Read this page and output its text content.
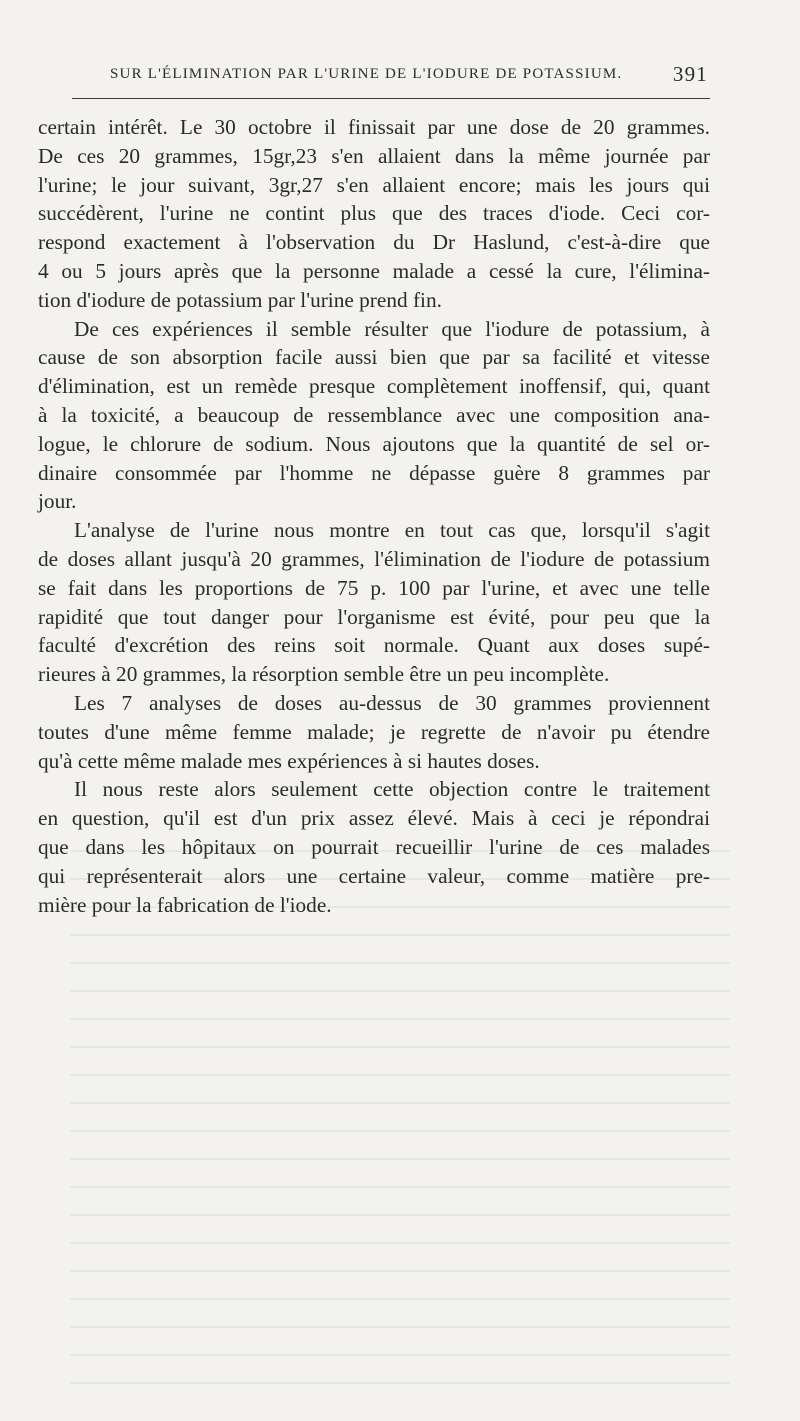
SUR L'ÉLIMINATION PAR L'URINE DE L'IODURE DE POTASSIUM. 391
certain intérêt. Le 30 octobre il finissait par une dose de 20 grammes.
De ces 20 grammes, 15gr,23 s'en allaient dans la même journée par
l'urine; le jour suivant, 3gr,27 s'en allaient encore; mais les jours qui
succédèrent, l'urine ne contint plus que des traces d'iode. Ceci cor-
respond exactement à l'observation du Dr Haslund, c'est-à-dire que
4 ou 5 jours après que la personne malade a cessé la cure, l'élimina-
tion d'iodure de potassium par l'urine prend fin.
De ces expériences il semble résulter que l'iodure de potassium, à
cause de son absorption facile aussi bien que par sa facilité et vitesse
d'élimination, est un remède presque complètement inoffensif, qui, quant
à la toxicité, a beaucoup de ressemblance avec une composition ana-
logue, le chlorure de sodium. Nous ajoutons que la quantité de sel or-
dinaire consommée par l'homme ne dépasse guère 8 grammes par
jour.
L'analyse de l'urine nous montre en tout cas que, lorsqu'il s'agit
de doses allant jusqu'à 20 grammes, l'élimination de l'iodure de potassium
se fait dans les proportions de 75 p. 100 par l'urine, et avec une telle
rapidité que tout danger pour l'organisme est évité, pour peu que la
faculté d'excrétion des reins soit normale. Quant aux doses supé-
rieures à 20 grammes, la résorption semble être un peu incomplète.
Les 7 analyses de doses au-dessus de 30 grammes proviennent
toutes d'une même femme malade; je regrette de n'avoir pu étendre
qu'à cette même malade mes expériences à si hautes doses.
Il nous reste alors seulement cette objection contre le traitement
en question, qu'il est d'un prix assez élevé. Mais à ceci je répondrai
que dans les hôpitaux on pourrait recueillir l'urine de ces malades
qui représenterait alors une certaine valeur, comme matière pre-
mière pour la fabrication de l'iode.
